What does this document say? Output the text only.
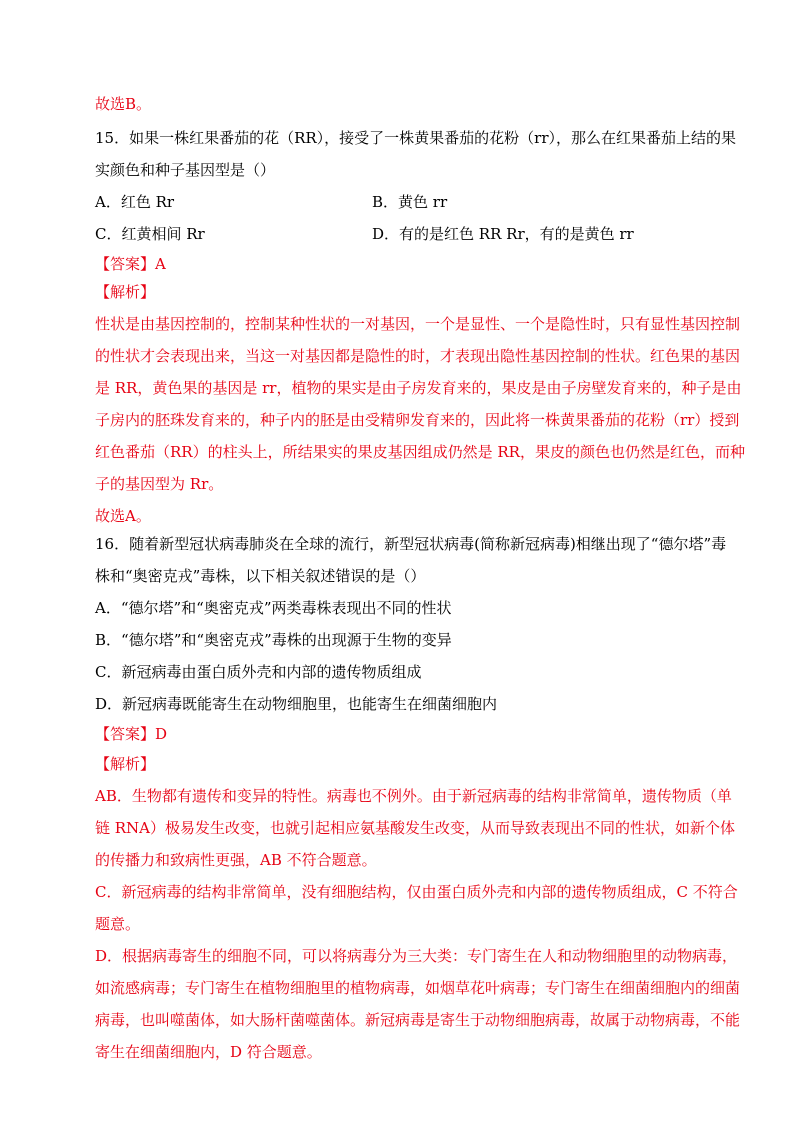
故选B。
15．如果一株红果番茄的花（RR），接受了一株黄果番茄的花粉（rr），那么在红果番茄上结的果
实颜色和种子基因型是（）
A．红色 Rr	B．黄色 rr
C．红黄相间 Rr	D．有的是红色 RR Rr，有的是黄色 rr
【答案】A
【解析】
性状是由基因控制的，控制某种性状的一对基因，一个是显性、一个是隐性时，只有显性基因控制
的性状才会表现出来，当这一对基因都是隐性的时，才表现出隐性基因控制的性状。红色果的基因
是 RR，黄色果的基因是 rr，植物的果实是由子房发育来的，果皮是由子房壁发育来的，种子是由
子房内的胚珠发育来的，种子内的胚是由受精卵发育来的，因此将一株黄果番茄的花粉（rr）授到
红色番茄（RR）的柱头上，所结果实的果皮基因组成仍然是 RR，果皮的颜色也仍然是红色，而种
子的基因型为 Rr。
故选A。
16．随着新型冠状病毒肺炎在全球的流行，新型冠状病毒(简称新冠病毒)相继出现了“德尔塔”毒
株和“奥密克戎”毒株，以下相关叙述错误的是（）
A．“德尔塔”和“奥密克戎”两类毒株表现出不同的性状
B．“德尔塔”和“奥密克戎”毒株的出现源于生物的变异
C．新冠病毒由蛋白质外壳和内部的遗传物质组成
D．新冠病毒既能寄生在动物细胞里，也能寄生在细菌细胞内
【答案】D
【解析】
AB．生物都有遗传和变异的特性。病毒也不例外。由于新冠病毒的结构非常简单，遗传物质（单
链 RNA）极易发生改变，也就引起相应氨基酸发生改变，从而导致表现出不同的性状，如新个体
的传播力和致病性更强，AB 不符合题意。
C．新冠病毒的结构非常简单，没有细胞结构，仅由蛋白质外壳和内部的遗传物质组成，C 不符合
题意。
D．根据病毒寄生的细胞不同，可以将病毒分为三大类：专门寄生在人和动物细胞里的动物病毒，
如流感病毒；专门寄生在植物细胞里的植物病毒，如烟草花叶病毒；专门寄生在细菌细胞内的细菌
病毒，也叫噬菌体，如大肠杆菌噬菌体。新冠病毒是寄生于动物细胞病毒，故属于动物病毒，不能
寄生在细菌细胞内，D 符合题意。
